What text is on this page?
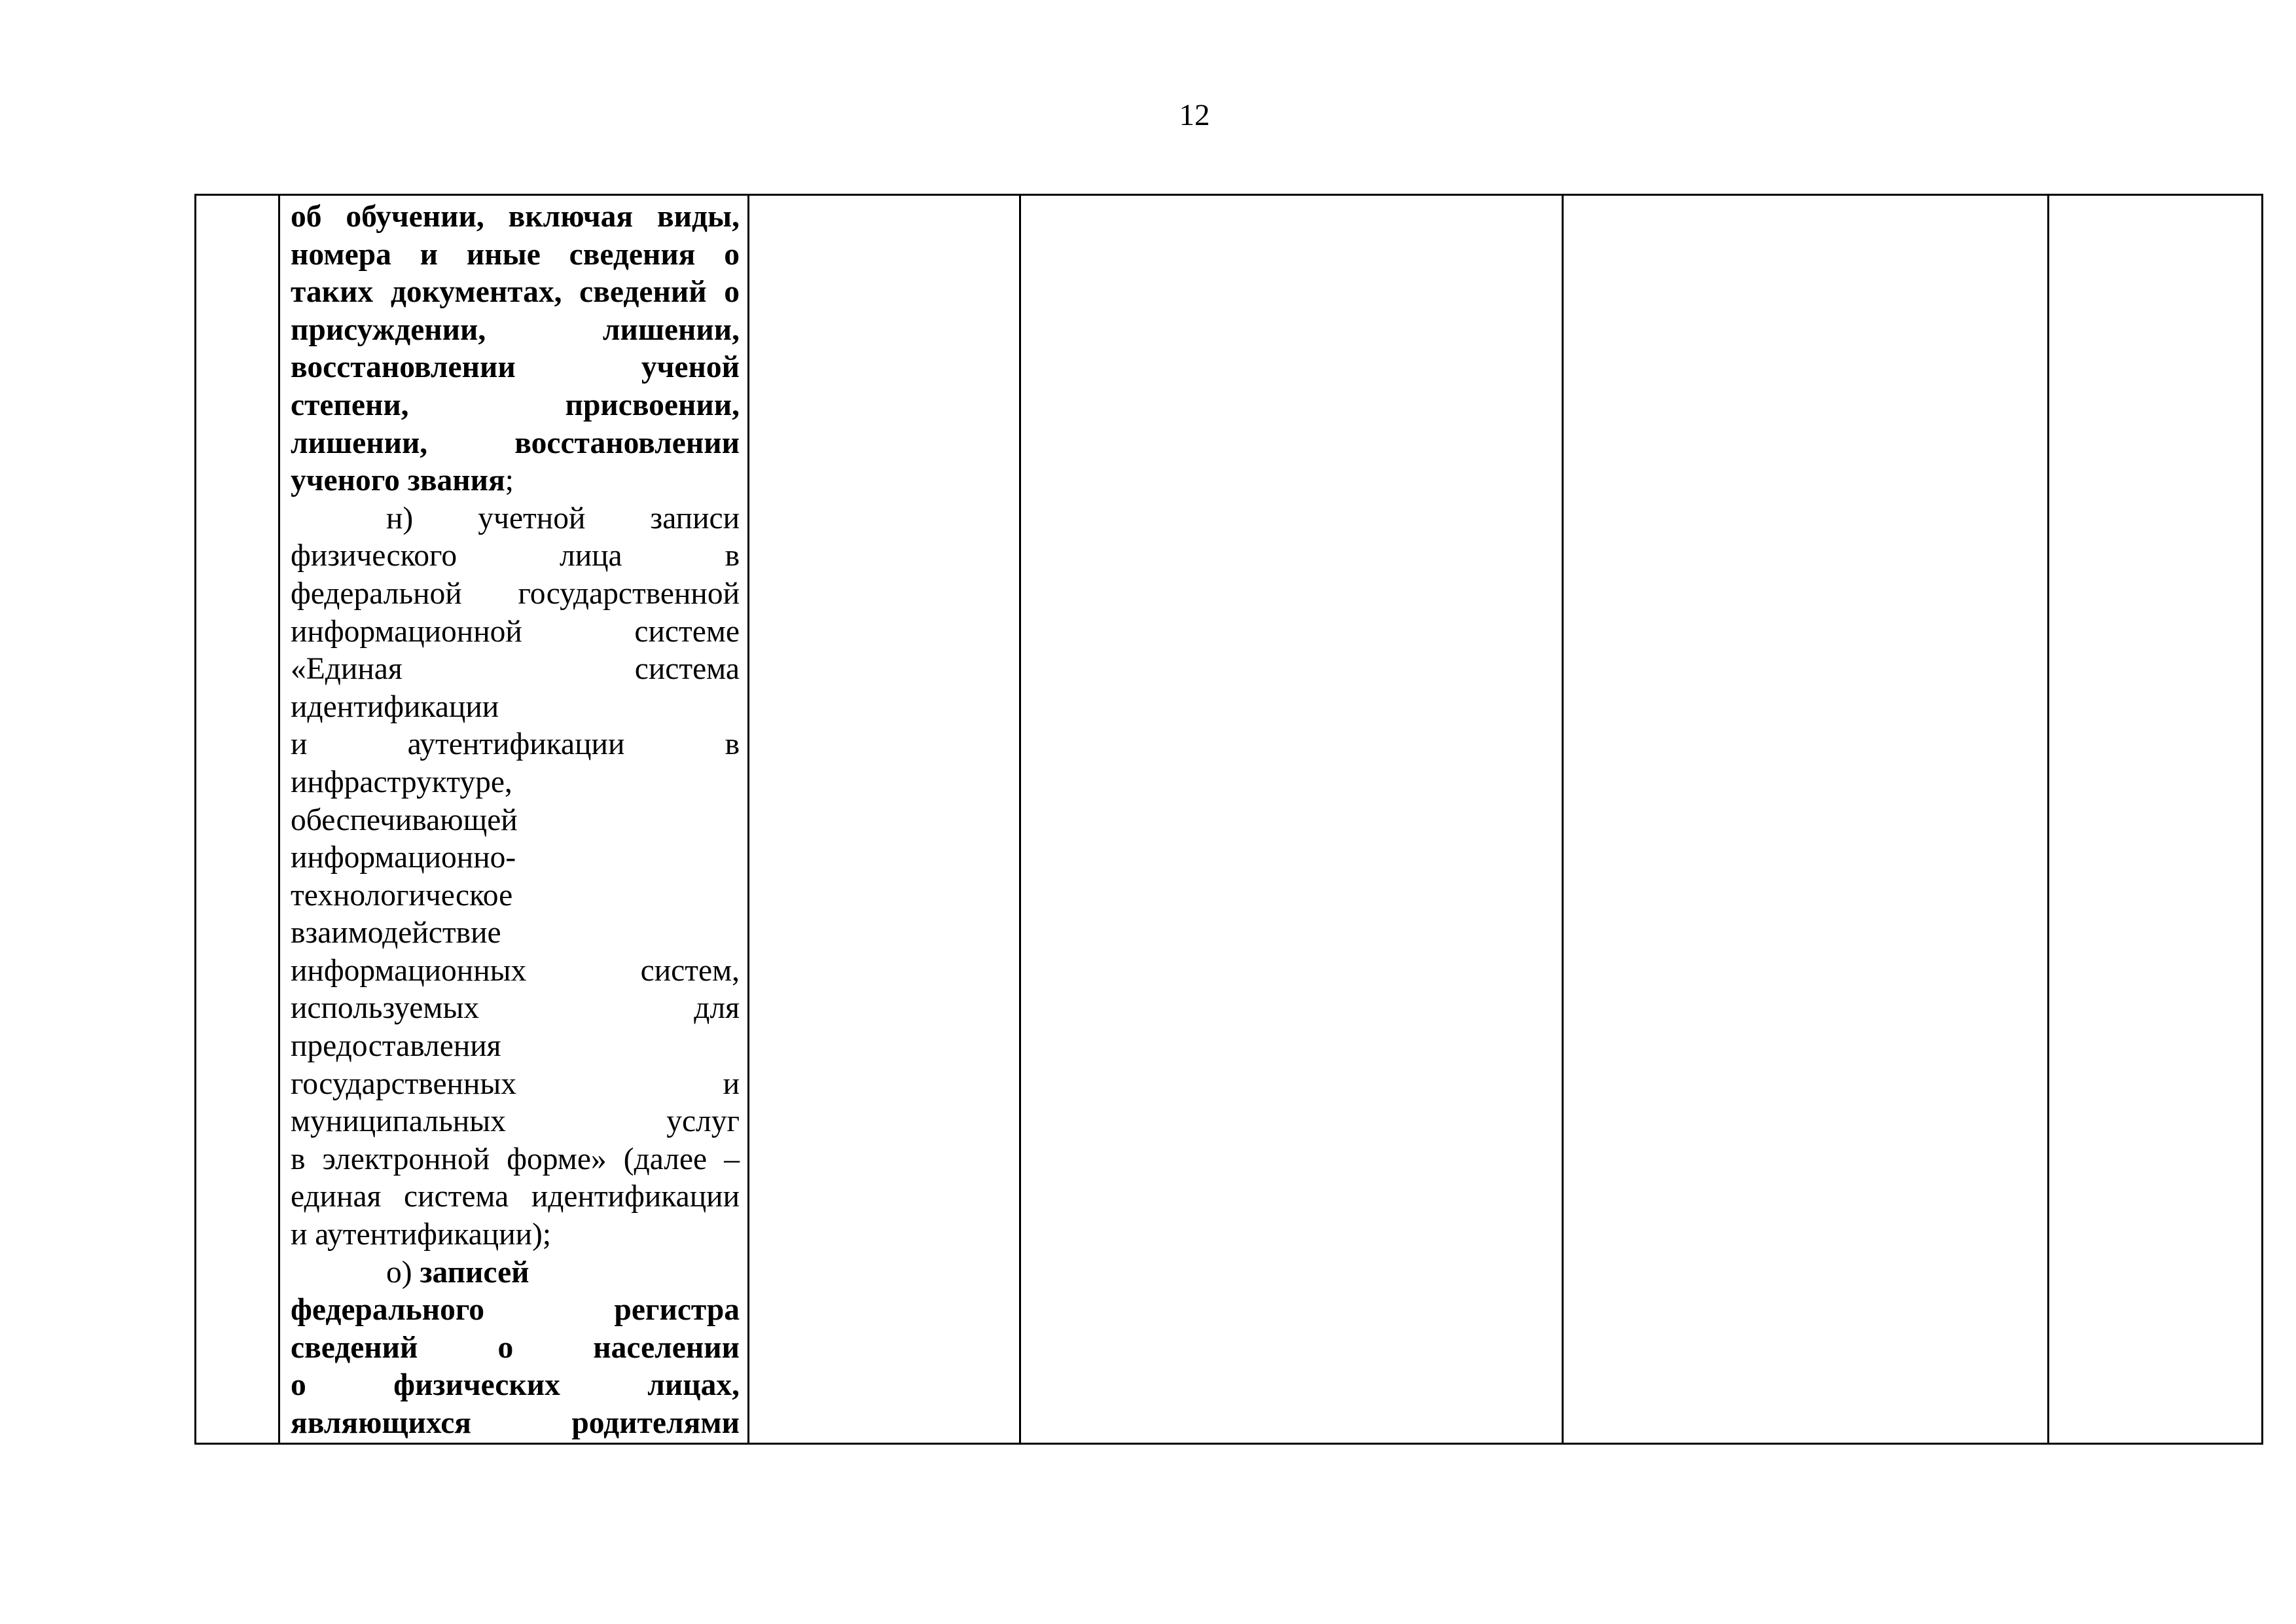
12

об обучении, включая виды,
номера и иные сведения о
таких документах, сведений о
присуждении, лишении,
восстановлении ученой
степени, присвоении,
лишении, восстановлении
ученого звания;
н) учетной записи
физического лица в
федеральной государственной
информационной системе
«Единая система
идентификации
и аутентификации в
инфраструктуре,
обеспечивающей
информационно-
технологическое
взаимодействие
информационных систем,
используемых для
предоставления
государственных и
муниципальных услуг
в электронной форме» (далее –
единая система идентификации
и аутентификации);
о) записей
федерального регистра
сведений о населении
о физических лицах,
являющихся родителями
